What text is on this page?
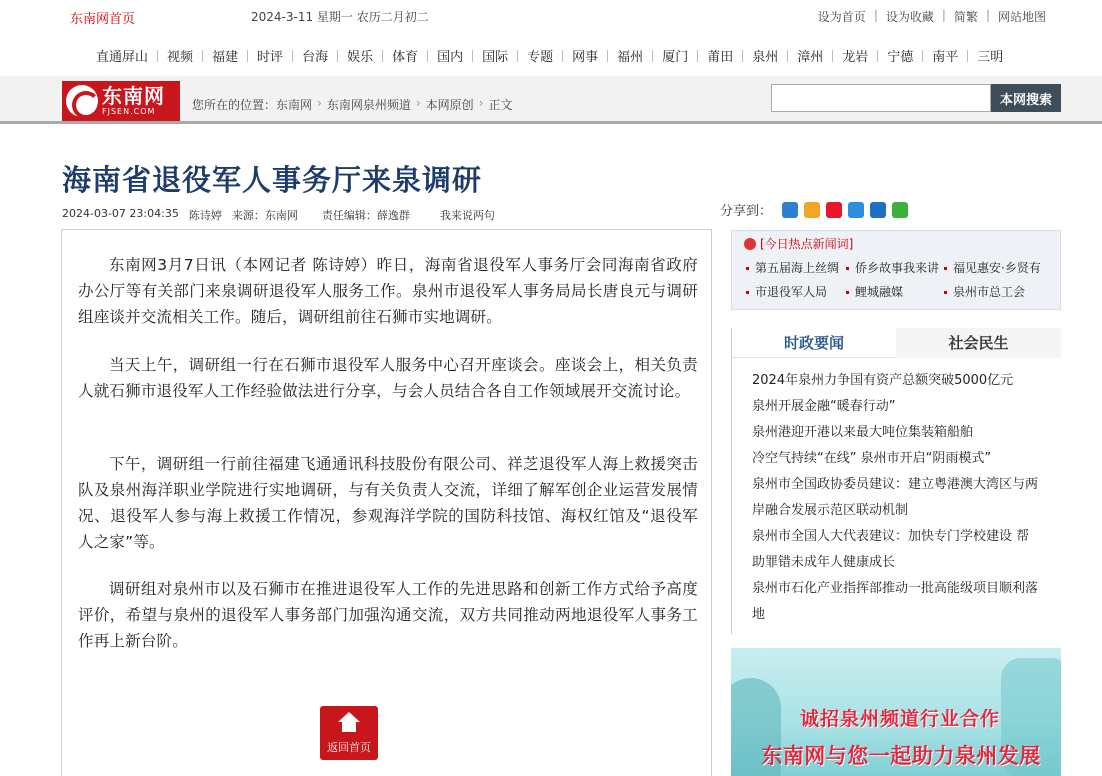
东南网首页	2024-3-11 星期一 农历二月初二	设为首页 | 设为收藏 | 简繁 | 网站地图
直通屏山 视频 福建 时评 台海 娱乐 体育 国内 国际 专题 网事 福州 厦门 莆田 泉州 漳州 龙岩 宁德 南平 三明
东南网
FJSEN.COM	您所在的位置： 东南网 › 东南网泉州频道 › 本网原创 › 正文	本网搜索
海南省退役军人事务厅来泉调研
2024-03-07 23:04:35 陈诗婷 来源： 东南网 责任编辑： 薛逸群	我来说两句	分享到：

东南网3月7日讯（本网记者 陈诗婷）昨日，海南省退役军人事务厅会同海南省政府办公厅等有关部门来泉调研退役军人服务工作。泉州市退役军人事务局局长唐良元与调研组座谈并交流相关工作。随后，调研组前往石狮市实地调研。

当天上午，调研组一行在石狮市退役军人服务中心召开座谈会。座谈会上，相关负责人就石狮市退役军人工作经验做法进行分享，与会人员结合各自工作领域展开交流讨论。

下午，调研组一行前往福建飞通通讯科技股份有限公司、祥芝退役军人海上救援突击队及泉州海洋职业学院进行实地调研，与有关负责人交流，详细了解军创企业运营发展情况、退役军人参与海上救援工作情况，参观海洋学院的国防科技馆、海权红馆及“退役军人之家”等。

调研组对泉州市以及石狮市在推进退役军人工作的先进思路和创新工作方式给予高度评价，希望与泉州的退役军人事务部门加强沟通交流，双方共同推动两地退役军人事务工作再上新台阶。

返回首页
[今日热点新闻词]
第五届海上丝绸	侨乡故事我来讲	福见惠安·乡贤有
市退役军人局	鲤城融媒	泉州市总工会
时政要闻	社会民生
2024年泉州力争国有资产总额突破5000亿元
泉州开展金融“暖春行动”
泉州港迎开港以来最大吨位集装箱船舶
冷空气持续“在线” 泉州市开启“阴雨模式”
泉州市全国政协委员建议：建立粤港澳大湾区与两
岸融合发展示范区联动机制
泉州市全国人大代表建议：加快专门学校建设 帮
助罪错未成年人健康成长
泉州市石化产业指挥部推动一批高能级项目顺利落
地
诚招泉州频道行业合作
东南网与您一起助力泉州发展
